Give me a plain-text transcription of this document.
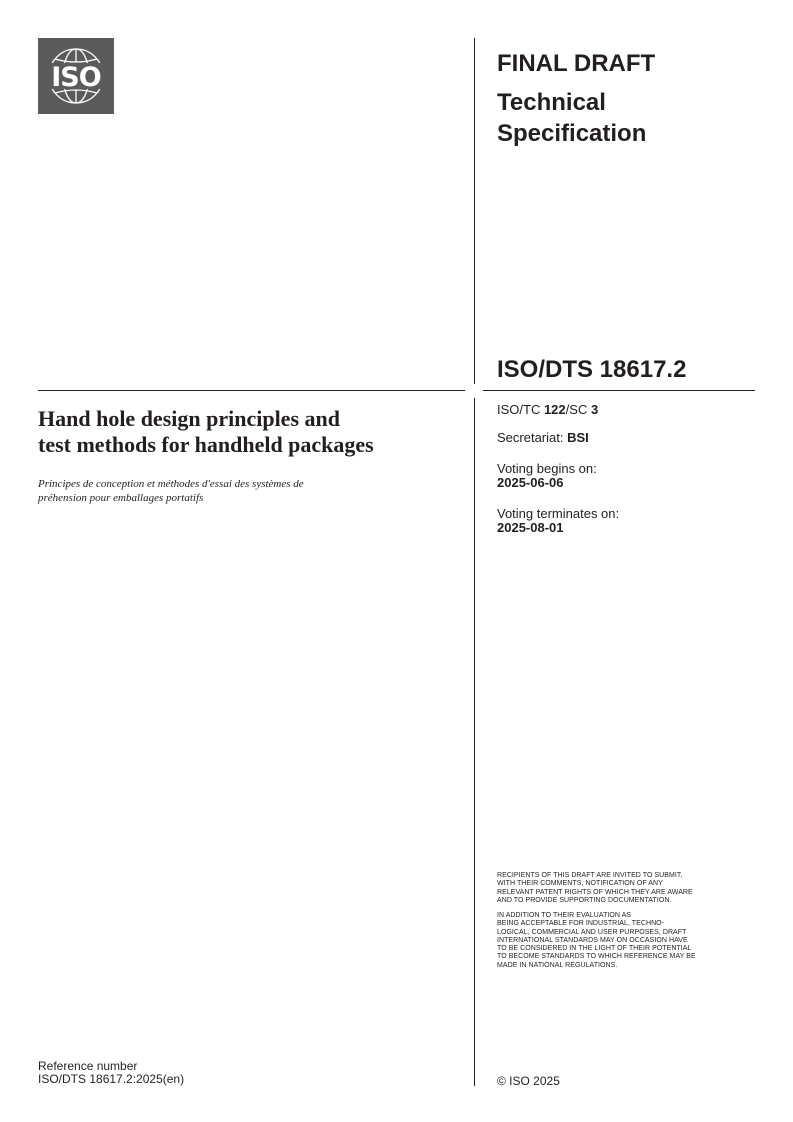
ISO	FINAL DRAFT
Technical
Specification
ISO/DTS 18617.2
ISO/TC 122/SC 3
Secretariat: BSI
Voting begins on:
2025-06-06
Voting terminates on:
2025-08-01
Hand hole design principles and
test methods for handheld packages
Principes de conception et méthodes d'essai des systèmes de
préhension pour emballages portatifs
RECIPIENTS OF THIS DRAFT ARE INVITED TO SUBMIT,
WITH THEIR COMMENTS, NOTIFICATION OF ANY
RELEVANT PATENT RIGHTS OF WHICH THEY ARE AWARE
AND TO PROVIDE SUPPORTING DOCUMENTATION.
IN ADDITION TO THEIR EVALUATION AS
BEING ACCEPTABLE FOR INDUSTRIAL, TECHNO-
LOGICAL, COMMERCIAL AND USER PURPOSES, DRAFT
INTERNATIONAL STANDARDS MAY ON OCCASION HAVE
TO BE CONSIDERED IN THE LIGHT OF THEIR POTENTIAL
TO BECOME STANDARDS TO WHICH REFERENCE MAY BE
MADE IN NATIONAL REGULATIONS.
Reference number
ISO/DTS 18617.2:2025(en)	© ISO 2025
